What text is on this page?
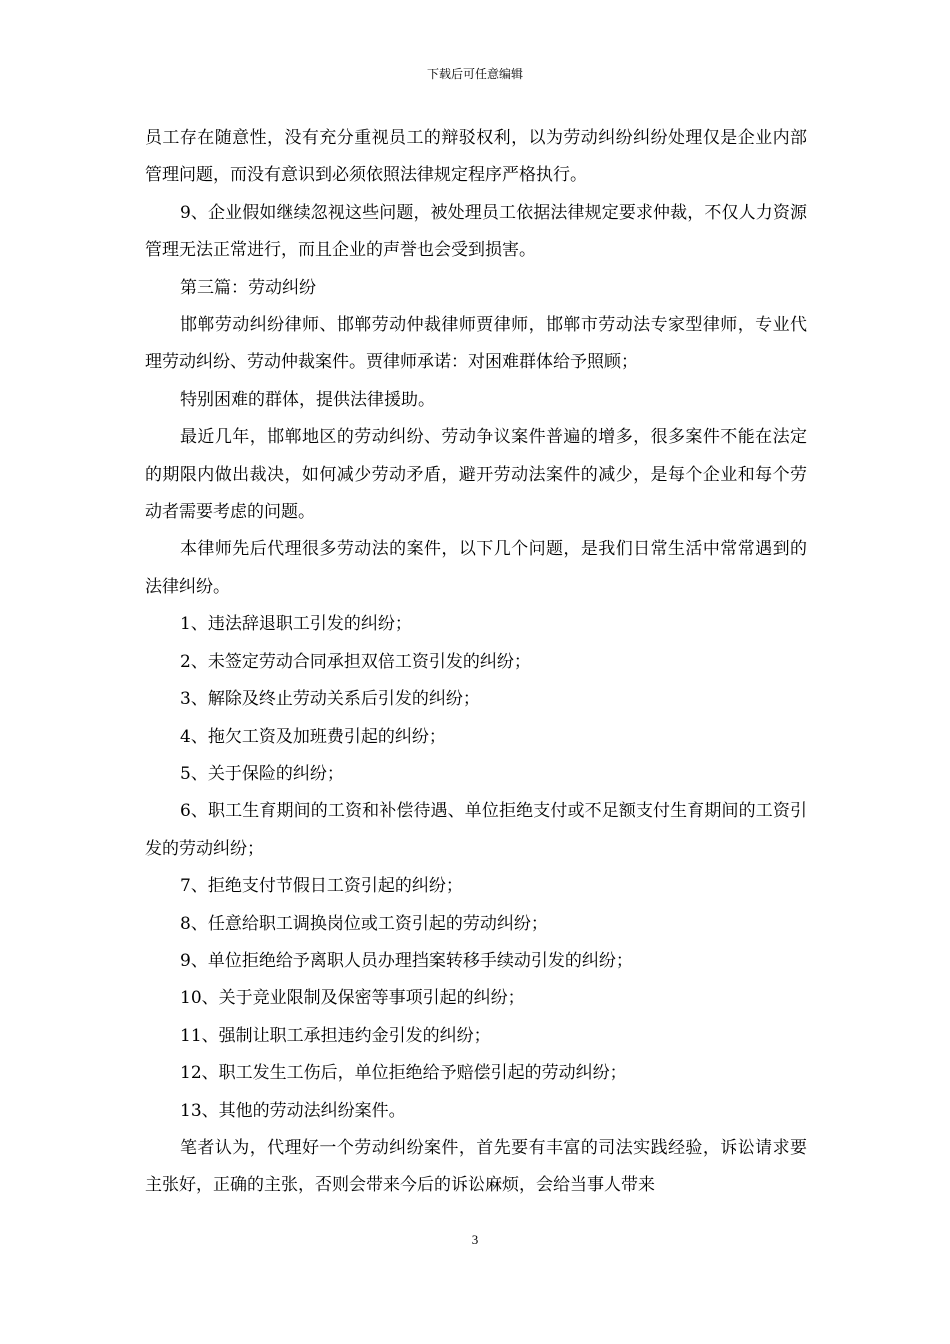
下载后可任意编辑

员工存在随意性，没有充分重视员工的辩驳权利，以为劳动纠纷纠纷处理仅是企业内部管理问题，而没有意识到必须依照法律规定程序严格执行。

9、企业假如继续忽视这些问题，被处理员工依据法律规定要求仲裁，不仅人力资源管理无法正常进行，而且企业的声誉也会受到损害。

第三篇：劳动纠纷

邯郸劳动纠纷律师、邯郸劳动仲裁律师贾律师，邯郸市劳动法专家型律师，专业代理劳动纠纷、劳动仲裁案件。贾律师承诺：对困难群体给予照顾；

特别困难的群体，提供法律援助。

最近几年，邯郸地区的劳动纠纷、劳动争议案件普遍的增多，很多案件不能在法定的期限内做出裁决，如何减少劳动矛盾，避开劳动法案件的减少，是每个企业和每个劳动者需要考虑的问题。

本律师先后代理很多劳动法的案件，以下几个问题，是我们日常生活中常常遇到的法律纠纷。

1、违法辞退职工引发的纠纷；

2、未签定劳动合同承担双倍工资引发的纠纷；

3、解除及终止劳动关系后引发的纠纷；

4、拖欠工资及加班费引起的纠纷；

5、关于保险的纠纷；

6、职工生育期间的工资和补偿待遇、单位拒绝支付或不足额支付生育期间的工资引发的劳动纠纷；

7、拒绝支付节假日工资引起的纠纷；

8、任意给职工调换岗位或工资引起的劳动纠纷；

9、单位拒绝给予离职人员办理挡案转移手续动引发的纠纷；

10、关于竞业限制及保密等事项引起的纠纷；

11、强制让职工承担违约金引发的纠纷；

12、职工发生工伤后，单位拒绝给予赔偿引起的劳动纠纷；

13、其他的劳动法纠纷案件。

笔者认为，代理好一个劳动纠纷案件，首先要有丰富的司法实践经验，诉讼请求要主张好，正确的主张，否则会带来今后的诉讼麻烦，会给当事人带来

3
